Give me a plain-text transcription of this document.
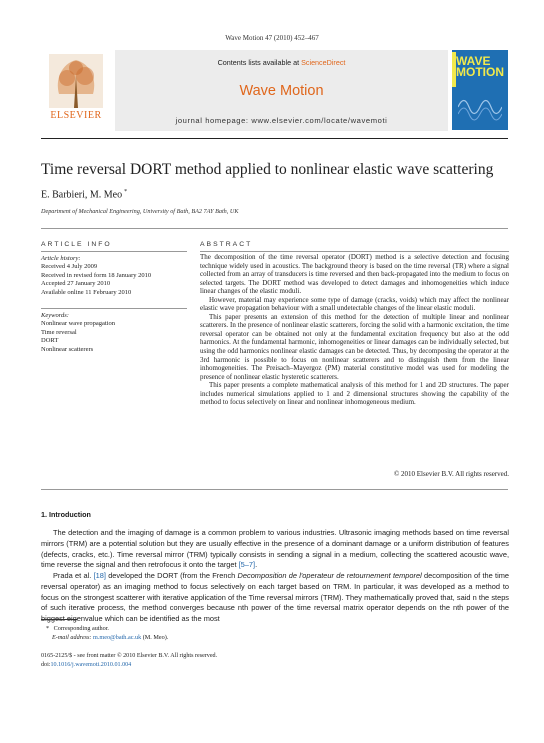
Wave Motion 47 (2010) 452–467
ELSEVIER
Contents lists available at ScienceDirect
Wave Motion
journal homepage: www.elsevier.com/locate/wavemoti
WAVE MOTION
Time reversal DORT method applied to nonlinear elastic wave scattering
E. Barbieri, M. Meo *
Department of Mechanical Engineering, University of Bath, BA2 7AY Bath, UK
ARTICLE INFO
Article history:
Received 4 July 2009
Received in revised form 18 January 2010
Accepted 27 January 2010
Available online 11 February 2010
Keywords:
Nonlinear wave propagation
Time reversal
DORT
Nonlinear scatterers
ABSTRACT

The decomposition of the time reversal operator (DORT) method is a selective detection and focusing technique widely used in acoustics. The background theory is based on the time reversal (TR) where a signal collected from an array of transducers is time reversed and then back-propagated into the medium to focus on selected targets. The DORT method was developed to detect damages and inhomogeneities which induce linear changes of the elastic moduli.

However, material may experience some type of damage (cracks, voids) which may affect the nonlinear elastic wave propagation behaviour with a small undetectable changes of the linear elastic moduli.

This paper presents an extension of this method for the detection of multiple linear and nonlinear scatterers. In the presence of nonlinear elastic scatterers, forcing the solid with a harmonic excitation, the time reversal operator can be obtained not only at the fundamental excitation frequency but also at the odd harmonics. At the fundamental harmonic, inhomogeneities or linear damages can be individually selected, but using the odd harmonics nonlinear elastic damages can be detected. Thus, by decomposing the operator at the 3rd harmonic is possible to focus on nonlinear scatterers and to distinguish them from the linear inhomogeneities. The Preisach–Mayergoz (PM) material constitutive model was used for modeling the presence of nonlinear elastic hysteretic scatterers.

This paper presents a complete mathematical analysis of this method for 1 and 2D structures. The paper includes numerical simulations applied to 1 and 2 dimensional structures showing the capability of the method to focus selectively on linear and nonlinear inhomogeneous medium.

© 2010 Elsevier B.V. All rights reserved.
1. Introduction

The detection and the imaging of damage is a common problem to various industries. Ultrasonic imaging methods based on time reversal mirrors (TRM) are a potential solution but they are usually effective in the presence of a dominant damage or a uniform distribution of features (defects, cracks, etc.). Time reversal mirror (TRM) typically consists in sending a signal in a medium, collecting the scattered acoustic wave, time reverse the signal and then retrofocus it onto the target [5–7].

Prada et al. [18] developed the DORT (from the French Decomposition de l'operateur de retournement temporel decomposition of the time reversal operator) as an imaging method to focus selectively on each target based on TRM. In particular, it was developed as a method to focus on the strongest scatterer with iterative application of the Time reversal mirrors (TRM). They mathematically proved that, said n the steps of such iterative process, the method converges because nth power of the time reversal matrix operator depends on the nth power of the biggest eigenvalue which can be identified as the most

* Corresponding author.
E-mail address: m.meo@bath.ac.uk (M. Meo).
0165-2125/$ - see front matter © 2010 Elsevier B.V. All rights reserved.
doi:10.1016/j.wavemoti.2010.01.004
